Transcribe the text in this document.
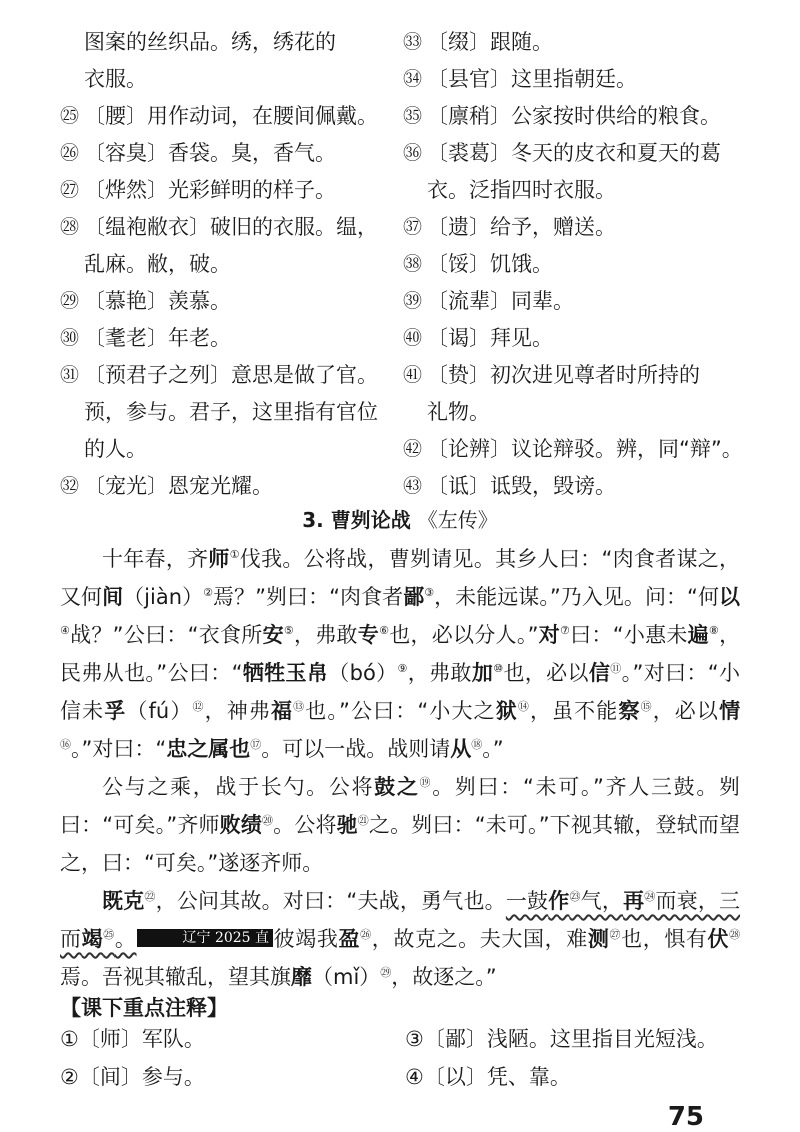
图案的丝织品。绣，绣花的
衣服。
㉕ 〔腰〕用作动词，在腰间佩戴。
㉖ 〔容臭〕香袋。臭，香气。
㉗ 〔烨然〕光彩鲜明的样子。
㉘ 〔缊袍敝衣〕破旧的衣服。缊，
乱麻。敝，破。
㉙ 〔慕艳〕羡慕。
㉚ 〔耄老〕年老。
㉛ 〔预君子之列〕意思是做了官。
预，参与。君子，这里指有官位
的人。
㉜ 〔宠光〕恩宠光耀。
㉝ 〔缀〕跟随。
㉞ 〔县官〕这里指朝廷。
㉟ 〔廪稍〕公家按时供给的粮食。
㊱ 〔裘葛〕冬天的皮衣和夏天的葛
衣。泛指四时衣服。
㊲ 〔遗〕给予，赠送。
㊳ 〔馁〕饥饿。
㊴ 〔流辈〕同辈。
㊵ 〔谒〕拜见。
㊶ 〔贽〕初次进见尊者时所持的
礼物。
㊷ 〔论辨〕议论辩驳。辨，同“辩”。
㊸ 〔诋〕诋毁，毁谤。
3. 曹刿论战 《左传》

十年春，齐师①伐我。公将战，曹刿请见。其乡人曰：“肉食者谋之，又何间（jiàn）②焉？”刿曰：“肉食者鄙③，未能远谋。”乃入见。问：“何以④战？”公曰：“衣食所安⑤，弗敢专⑥也，必以分人。”对⑦曰：“小惠未遍⑧，民弗从也。”公曰：“牺牲玉帛（bó）⑨，弗敢加⑩也，必以信⑪。”对曰：“小信未孚（fú）⑫，神弗福⑬也。”公曰：“小大之狱⑭，虽不能察⑮，必以情⑯。”对曰：“忠之属也⑰。可以一战。战则请从⑱。”

公与之乘，战于长勺。公将鼓之⑲。刿曰：“未可。”齐人三鼓。刿曰：“可矣。”齐师败绩⑳。公将驰$^㉑$之。刿曰：“未可。”下视其辙，登轼而望之，曰：“可矣。”遂逐齐师。

既克$^㉒$，公问其故。对曰：“夫战，勇气也。一鼓作$^㉓$气，再$^㉔$而衰，三而竭$^㉕$。	辽宁 2025 直 彼竭我盈$^㉖$，故克之。夫大国，难测$^㉗$也，惧有伏$^㉘$焉。吾视其辙乱，望其旗靡（mǐ）$^㉙$，故逐之。”

【课下重点注释】
①〔师〕军队。	③〔鄙〕浅陋。这里指目光短浅。
②〔间〕参与。	④〔以〕凭、靠。
75
